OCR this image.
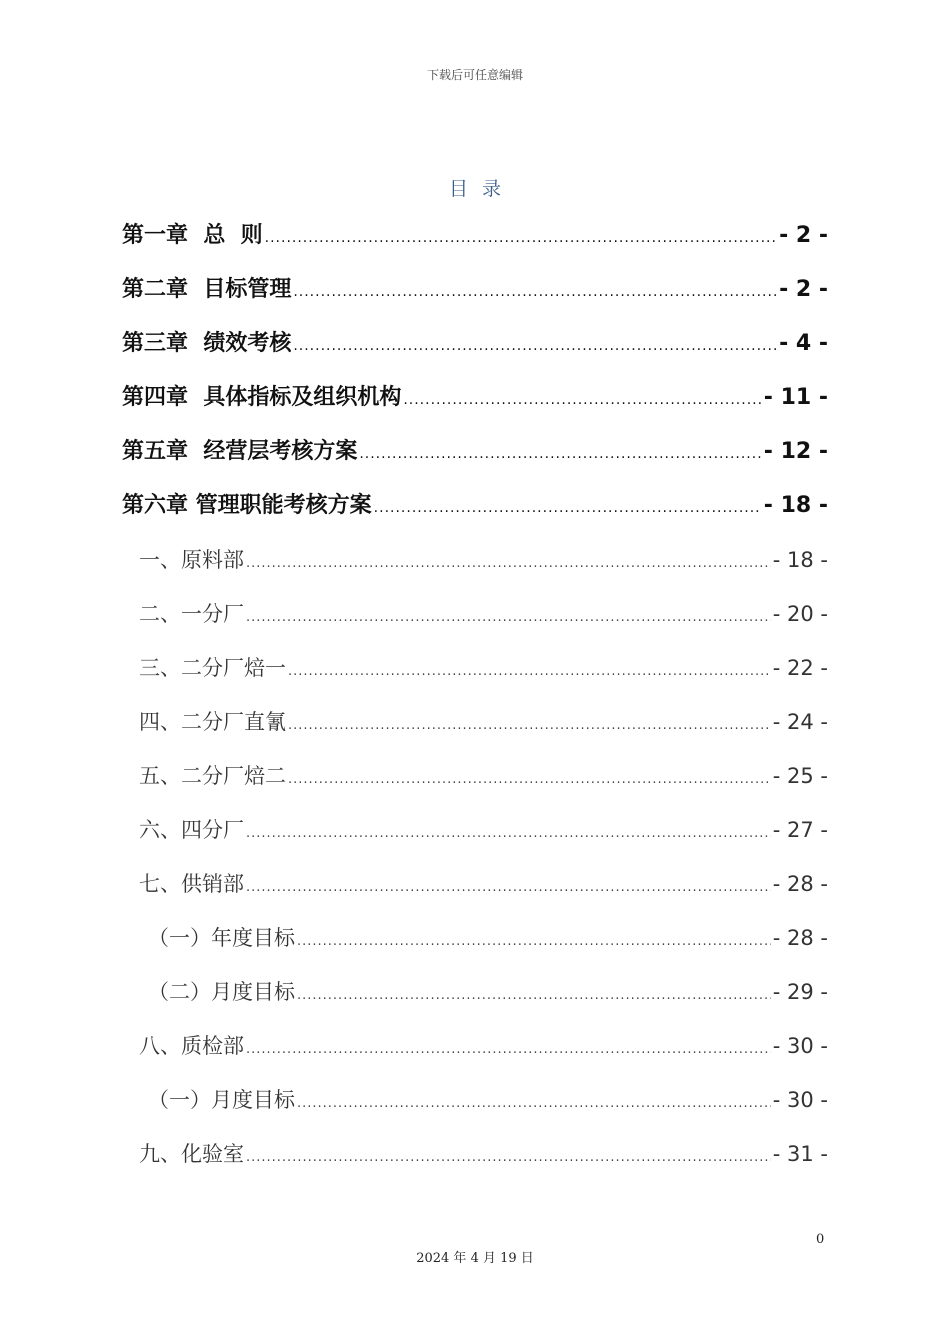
下载后可任意编辑
目录
第一章  总  则 .....	- 2 -
第二章  目标管理 .....	- 2 -
第三章  绩效考核 .....	- 4 -
第四章  具体指标及组织机构 .....	- 11 -
第五章  经营层考核方案 .....	- 12 -
第六章 管理职能考核方案 .....	- 18 -
一、原料部 .....	- 18 -
二、一分厂 .....	- 20 -
三、二分厂焙一 .....	- 22 -
四、二分厂直氰 .....	- 24 -
五、二分厂焙二 .....	- 25 -
六、四分厂 .....	- 27 -
七、供销部 .....	- 28 -
（一）年度目标 .....	- 28 -
（二）月度目标 .....	- 29 -
八、质检部 .....	- 30 -
（一）月度目标 .....	- 30 -
九、化验室 .....	- 31 -
0
2024 年 4 月 19 日
